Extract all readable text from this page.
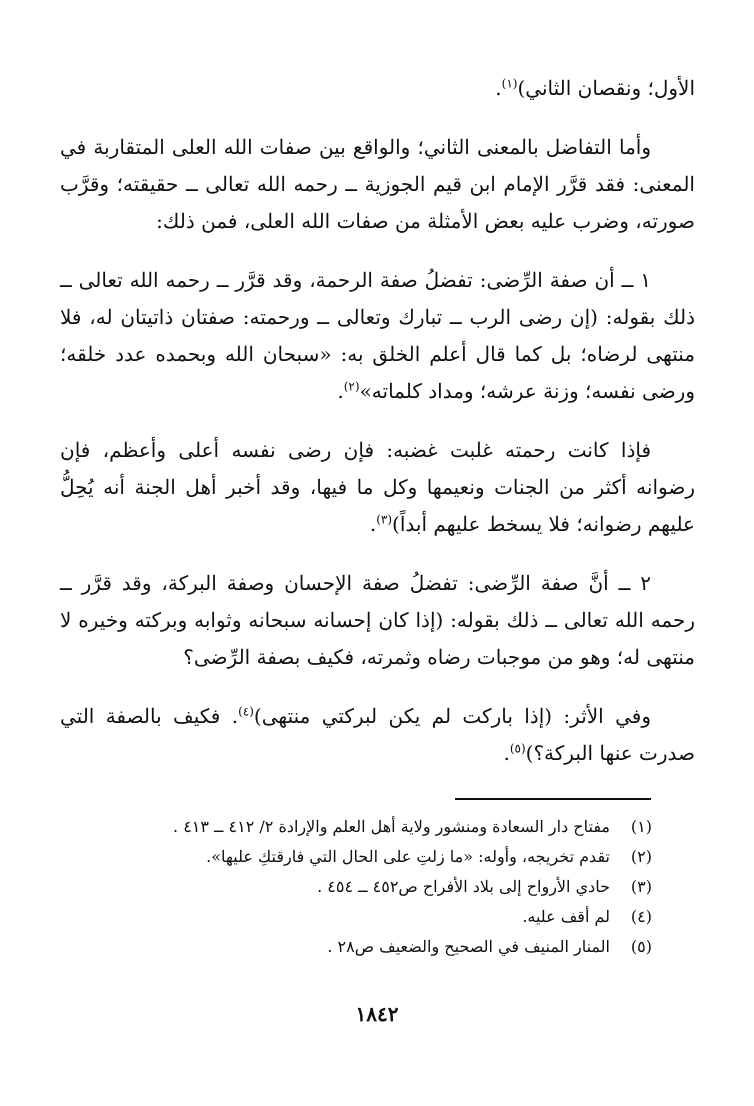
الأول؛ ونقصان الثاني)$^{(١)}$.

وأما التفاضل بالمعنى الثاني؛ والواقع بين صفات الله العلى المتقاربة في المعنى: فقد قرَّر الإمام ابن قيم الجوزية ــ رحمه الله تعالى ــ حقيقته؛ وقرَّب صورته، وضرب عليه بعض الأمثلة من صفات الله العلى، فمن ذلك:

١ ــ أن صفة الرِّضى: تفضلُ صفة الرحمة، وقد قرَّر ــ رحمه الله تعالى ــ ذلك بقوله: (إن رضى الرب ــ تبارك وتعالى ــ ورحمته: صفتان ذاتيتان له، فلا منتهى لرضاه؛ بل كما قال أعلم الخلق به: «سبحان الله وبحمده عدد خلقه؛ ورضى نفسه؛ وزنة عرشه؛ ومداد كلماته»$^{(٢)}$.

فإذا كانت رحمته غلبت غضبه: فإن رضى نفسه أعلى وأعظم، فإن رضوانه أكثر من الجنات ونعيمها وكل ما فيها، وقد أخبر أهل الجنة أنه يُحِلُّ عليهم رضوانه؛ فلا يسخط عليهم أبداً)$^{(٣)}$.

٢ ــ أنَّ صفة الرِّضى: تفضلُ صفة الإحسان وصفة البركة، وقد قرَّر ــ رحمه الله تعالى ــ ذلك بقوله: (إذا كان إحسانه سبحانه وثوابه وبركته وخيره لا منتهى له؛ وهو من موجبات رضاه وثمرته، فكيف بصفة الرِّضى؟

وفي الأثر: (إذا باركت لم يكن لبركتي منتهى)$^{(٤)}$. فكيف بالصفة التي صدرت عنها البركة؟)$^{(٥)}$.

(١)
مفتاح دار السعادة ومنشور ولاية أهل العلم والإرادة ٢/ ٤١٢ ــ ٤١٣ .
(٢)
تقدم تخريجه، وأوله: «ما زلتِ على الحال التي فارقتكِ عليها».
(٣)
حادي الأرواح إلى بلاد الأفراح ص٤٥٢ ــ ٤٥٤ .
(٤)
لم أقف عليه.
(٥)
المنار المنيف في الصحيح والضعيف ص٢٨ .
١٨٤٢
